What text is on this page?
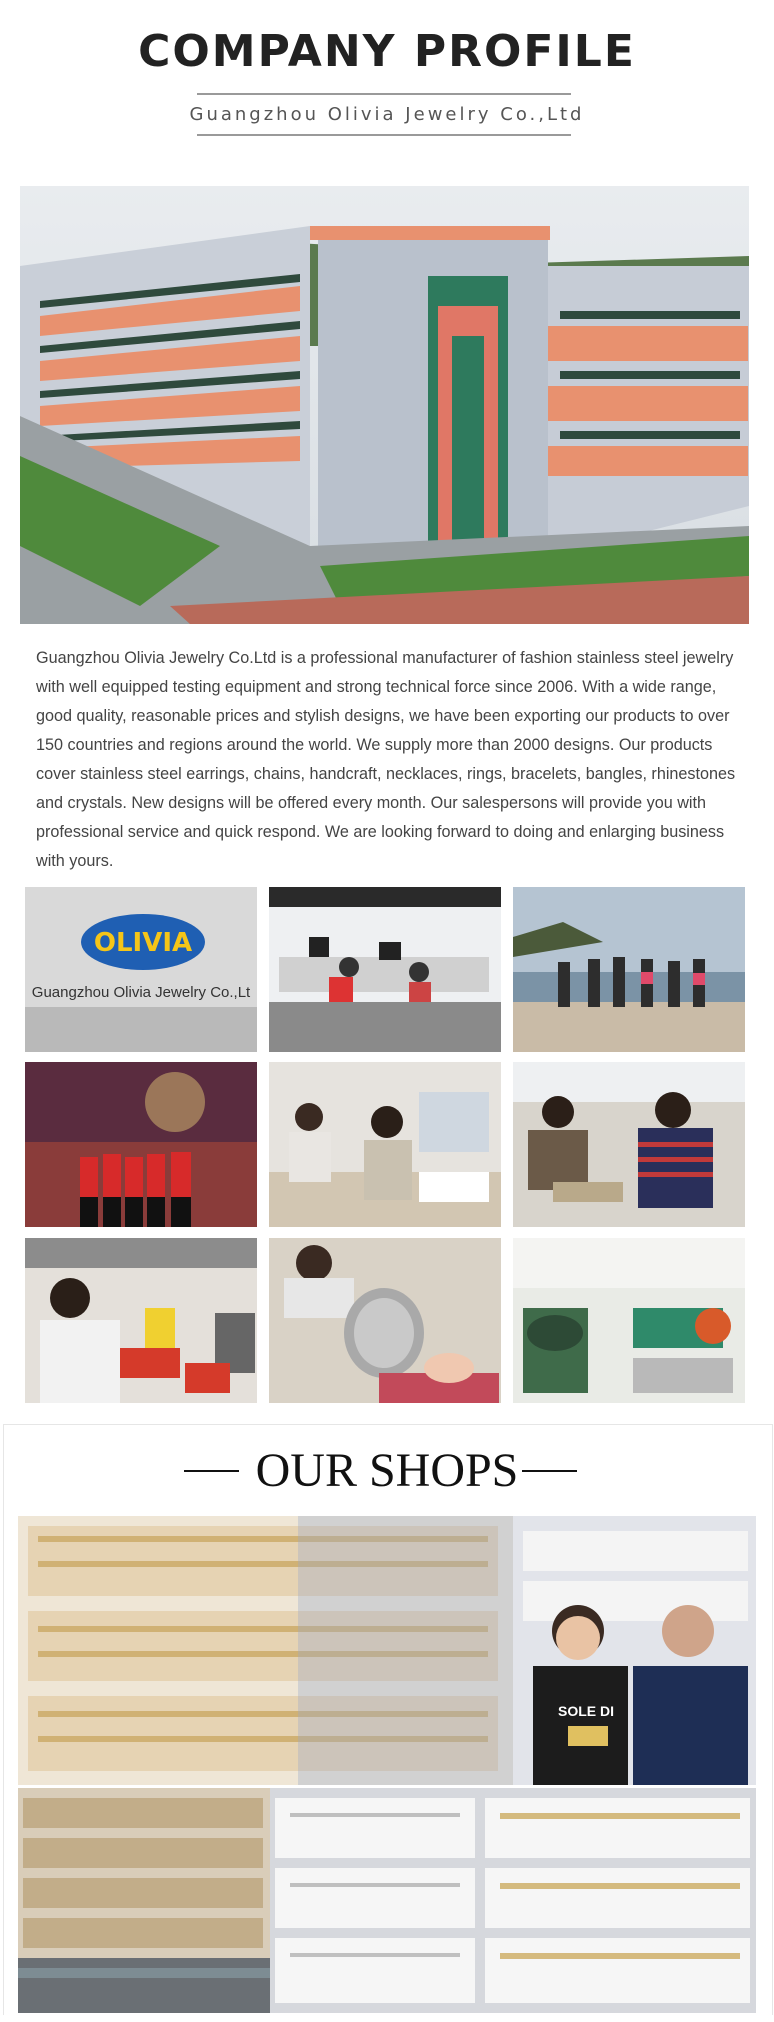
COMPANY PROFILE
Guangzhou Olivia Jewelry Co.,Ltd
Guangzhou Olivia Jewelry Co.Ltd is a professional manufacturer of fashion stainless steel jewelry with well equipped testing equipment and strong technical force since 2006. With a wide range, good quality, reasonable prices and stylish designs, we have been exporting our products to over 150 countries and regions around the world. We supply more than 2000 designs. Our products cover stainless steel earrings, chains, handcraft, necklaces, rings, bracelets, bangles, rhinestones and crystals. New designs will be offered every month. Our salespersons will provide you with professional service and quick respond. We are looking forward to doing and enlarging business with yours.
OLIVIA
Guangzhou Olivia Jewelry Co.,Lt
OUR SHOPS
SOLE DI
